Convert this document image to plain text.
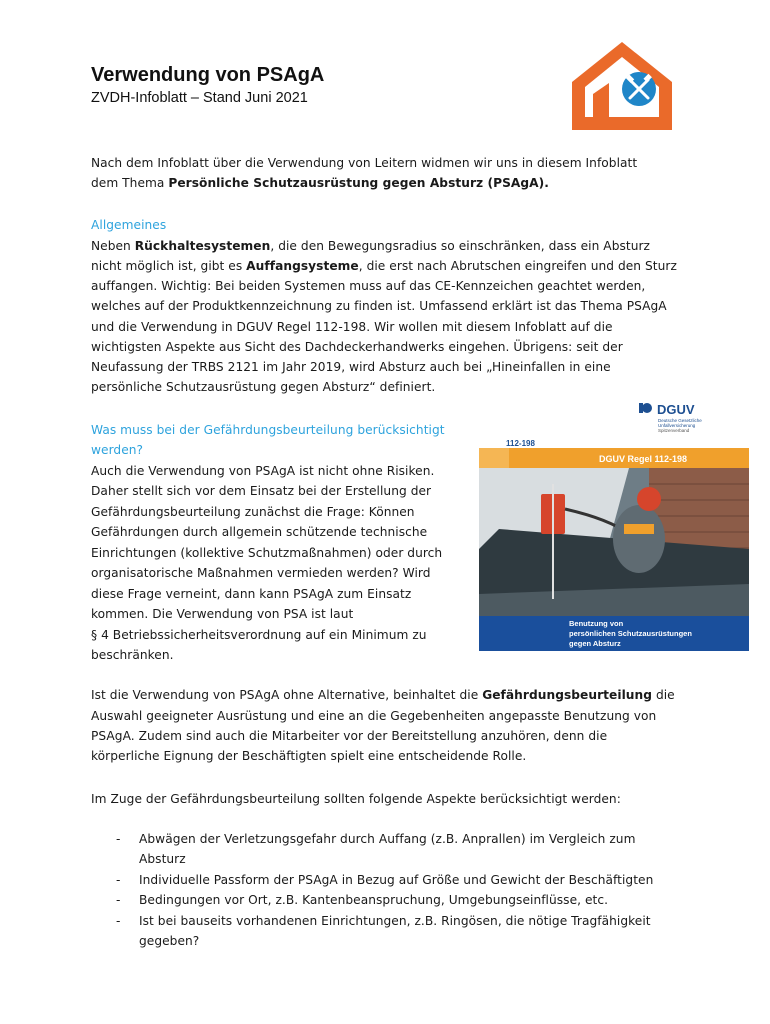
Verwendung von PSAgA

ZVDH-Infoblatt – Stand Juni 2021

Nach dem Infoblatt über die Verwendung von Leitern widmen wir uns in diesem Infoblatt

dem Thema Persönliche Schutzausrüstung gegen Absturz (PSAgA).

Allgemeines

Neben Rückhaltesystemen, die den Bewegungsradius so einschränken, dass ein Absturz

nicht möglich ist, gibt es Auffangsysteme, die erst nach Abrutschen eingreifen und den Sturz

auffangen. Wichtig: Bei beiden Systemen muss auf das CE-Kennzeichen geachtet werden,

welches auf der Produktkennzeichnung zu finden ist. Umfassend erklärt ist das Thema PSAgA

und die Verwendung in DGUV Regel 112-198. Wir wollen mit diesem Infoblatt auf die

wichtigsten Aspekte aus Sicht des Dachdeckerhandwerks eingehen. Übrigens: seit der

Neufassung der TRBS 2121 im Jahr 2019, wird Absturz auch bei „Hineinfallen in eine

persönliche Schutzausrüstung gegen Absturz“ definiert.

Was muss bei der Gefährdungsbeurteilung berücksichtigt

werden?

Auch die Verwendung von PSAgA ist nicht ohne Risiken.

Daher stellt sich vor dem Einsatz bei der Erstellung der

Gefährdungsbeurteilung zunächst die Frage: Können

Gefährdungen durch allgemein schützende technische

Einrichtungen (kollektive Schutzmaßnahmen) oder durch

organisatorische Maßnahmen vermieden werden? Wird

diese Frage verneint, dann kann PSAgA zum Einsatz

kommen. Die Verwendung von PSA ist laut

§ 4 Betriebssicherheitsverordnung auf ein Minimum zu

beschränken.

Ist die Verwendung von PSAgA ohne Alternative, beinhaltet die Gefährdungsbeurteilung die

Auswahl geeigneter Ausrüstung und eine an die Gegebenheiten angepasste Benutzung von

PSAgA. Zudem sind auch die Mitarbeiter vor der Bereitstellung anzuhören, denn die

körperliche Eignung der Beschäftigten spielt eine entscheidende Rolle.

Im Zuge der Gefährdungsbeurteilung sollten folgende Aspekte berücksichtigt werden:

- Abwägen der Verletzungsgefahr durch Auffang (z.B. Anprallen) im Vergleich zum
Absturz
- Individuelle Passform der PSAgA in Bezug auf Größe und Gewicht der Beschäftigten
- Bedingungen vor Ort, z.B. Kantenbeanspruchung, Umgebungseinflüsse, etc.
- Ist bei bauseits vorhandenen Einrichtungen, z.B. Ringösen, die nötige Tragfähigkeit
gegeben?
DGUV
Deutsche Gesetzliche
Unfallversicherung
Spitzenverband
112-198
DGUV Regel 112-198
Benutzung von
persönlichen Schutzausrüstungen
gegen Absturz
